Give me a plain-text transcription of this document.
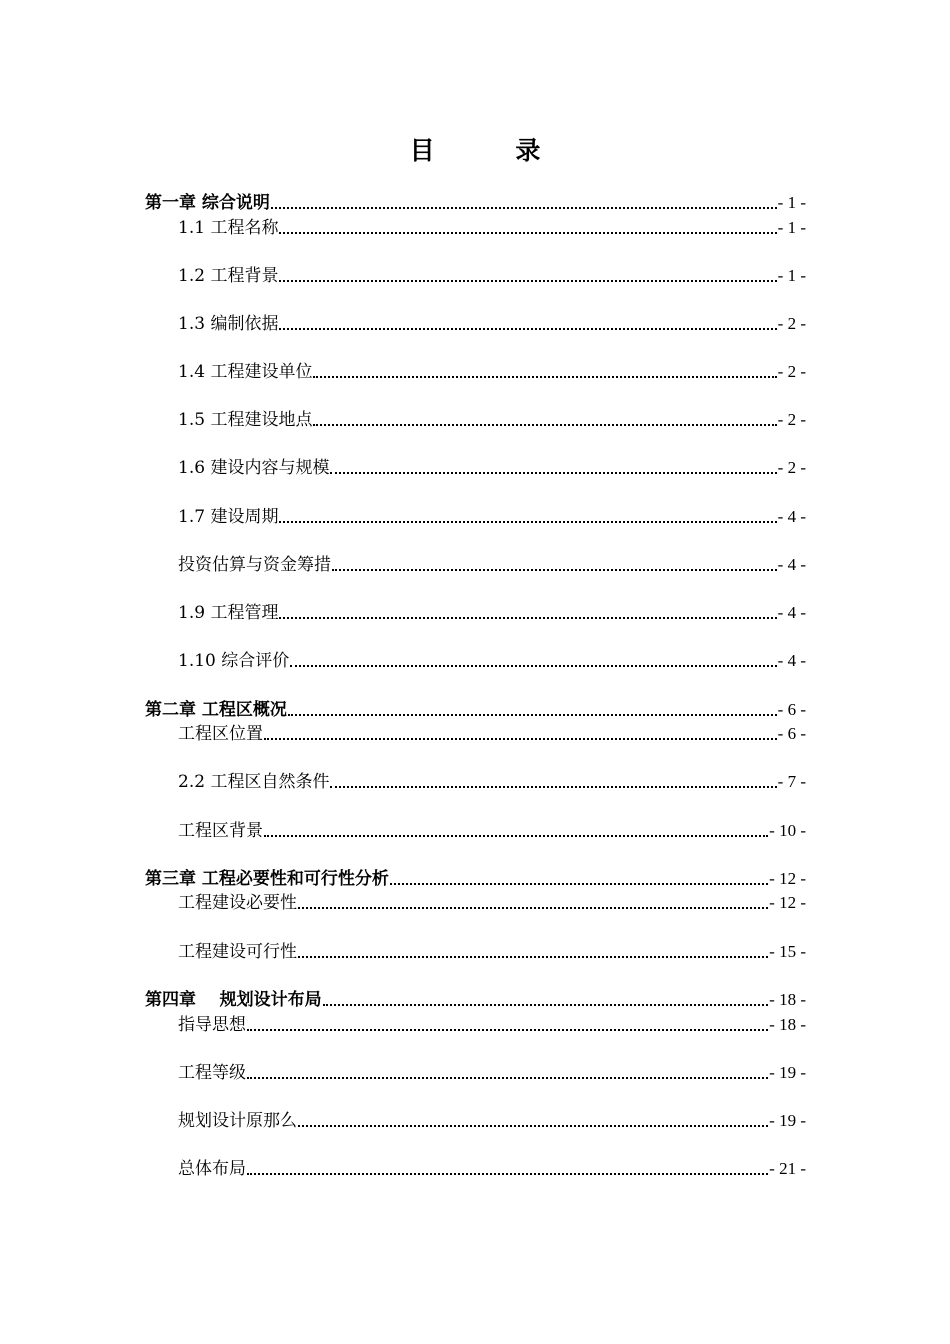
目 录
第一章 综合说明	- 1 -
1.1 工程名称	- 1 -
1.2 工程背景	- 1 -
1.3 编制依据	- 2 -
1.4 工程建设单位	- 2 -
1.5 工程建设地点	- 2 -
1.6 建设内容与规模	- 2 -
1.7 建设周期	- 4 -
投资估算与资金筹措	- 4 -
1.9 工程管理	- 4 -
1.10 综合评价	- 4 -
第二章 工程区概况	- 6 -
工程区位置	- 6 -
2.2 工程区自然条件	- 7 -
工程区背景	- 10 -
第三章 工程必要性和可行性分析	- 12 -
工程建设必要性	- 12 -
工程建设可行性	- 15 -
第四章    规划设计布局	- 18 -
指导思想	- 18 -
工程等级	- 19 -
规划设计原那么	- 19 -
总体布局	- 21 -
